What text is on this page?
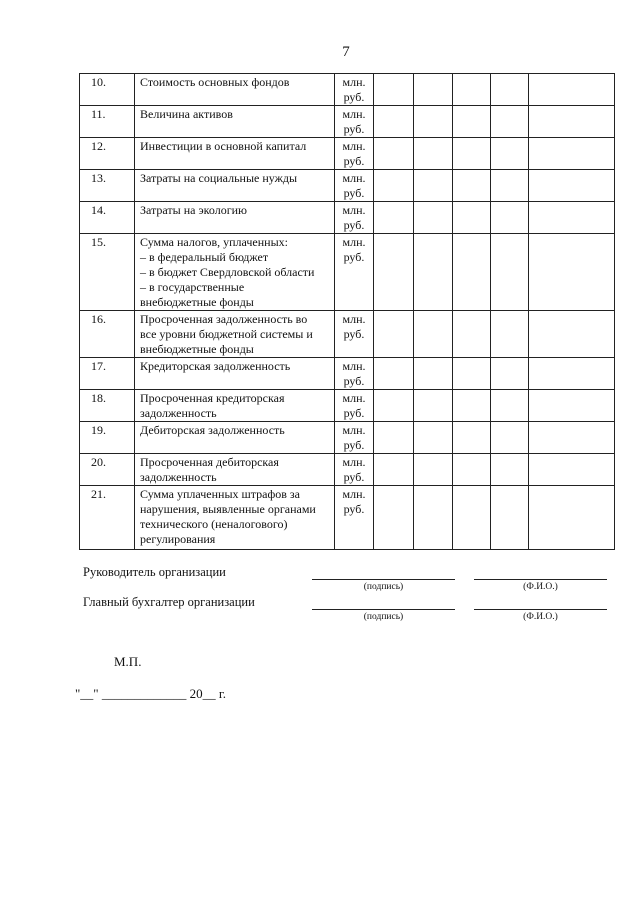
7
10.	Стоимость основных фондов	млн.
руб.					

11.	Величина активов	млн.
руб.					

12.	Инвестиции в основной капитал	млн.
руб.					

13.	Затраты на социальные нужды	млн.
руб.					

14.	Затраты на экологию	млн.
руб.					

15.	Сумма налогов, уплаченных:
– в федеральный бюджет
– в бюджет Свердловской области
– в государственные
внебюджетные фонды	млн.
руб.					

16.	Просроченная задолженность во
все уровни бюджетной системы и
внебюджетные фонды	млн.
руб.					

17.	Кредиторская задолженность	млн.
руб.					

18.	Просроченная кредиторская
задолженность	млн.
руб.					

19.	Дебиторская задолженность	млн.
руб.					

20.	Просроченная дебиторская
задолженность	млн.
руб.					

21.	Сумма уплаченных штрафов за
нарушения, выявленные органами
технического (неналогового)
регулирования	млн.
руб.					

Руководитель организации
(подпись)	(Ф.И.О.)
Главный бухгалтер организации
(подпись)	(Ф.И.О.)
М.П.
"__" _____________ 20__ г.
